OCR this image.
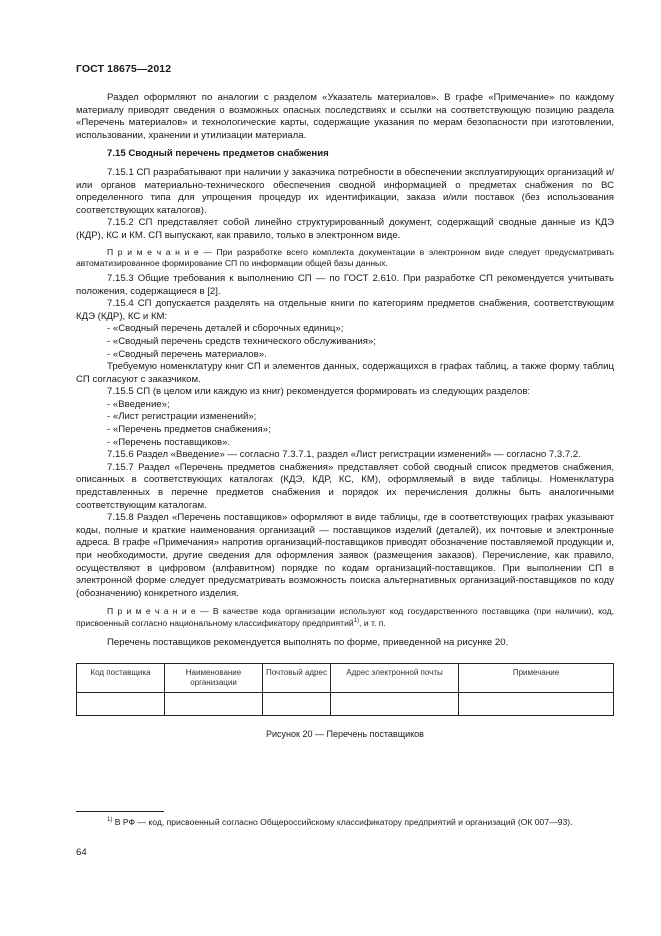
ГОСТ 18675—2012

Раздел оформляют по аналогии с разделом «Указатель материалов». В графе «Примечание» по каждому материалу приводят сведения о возможных опасных последствиях и ссылки на соответствующую позицию раздела «Перечень материалов» и технологические карты, содержащие указания по мерам безопасности при изготовлении, использовании, хранении и утилизации материала.

7.15 Сводный перечень предметов снабжения

7.15.1 СП разрабатывают при наличии у заказчика потребности в обеспечении эксплуатирующих организаций и/или органов материально-технического обеспечения сводной информацией о предметах снабжения по ВС определенного типа для упрощения процедур их идентификации, заказа и/или поставок (без использования соответствующих каталогов).

7.15.2 СП представляет собой линейно структурированный документ, содержащий сводные данные из КДЭ (КДР), КС и КМ. СП выпускают, как правило, только в электронном виде.

П р и м е ч а н и е — При разработке всего комплекта документации в электронном виде следует предусматривать автоматизированное формирование СП по информации общей базы данных.

7.15.3 Общие требования к выполнению СП — по ГОСТ 2.610. При разработке СП рекомендуется учитывать положения, содержащиеся в [2].

7.15.4 СП допускается разделять на отдельные книги по категориям предметов снабжения, соответствующим КДЭ (КДР), КС и КМ:

- «Сводный перечень деталей и сборочных единиц»;

- «Сводный перечень средств технического обслуживания»;

- «Сводный перечень материалов».

Требуемую номенклатуру книг СП и элементов данных, содержащихся в графах таблиц, а также форму таблиц СП согласуют с заказчиком.

7.15.5 СП (в целом или каждую из книг) рекомендуется формировать из следующих разделов:

- «Введение»;

- «Лист регистрации изменений»;

- «Перечень предметов снабжения»;

- «Перечень поставщиков».

7.15.6 Раздел «Введение» — согласно 7.3.7.1, раздел «Лист регистрации изменений» — согласно 7.3.7.2.

7.15.7 Раздел «Перечень предметов снабжения» представляет собой сводный список предметов снабжения, описанных в соответствующих каталогах (КДЭ, КДР, КС, КМ), оформляемый в виде таблицы. Номенклатура представленных в перечне предметов снабжения и порядок их перечисления должны быть аналогичными соответствующим каталогам.

7.15.8 Раздел «Перечень поставщиков» оформляют в виде таблицы, где в соответствующих графах указывают коды, полные и краткие наименования организаций — поставщиков изделий (деталей), их почтовые и электронные адреса. В графе «Примечания» напротив организаций-поставщиков приводят обозначение поставляемой продукции и, при необходимости, другие сведения для оформления заявок (размещения заказов). Перечисление, как правило, осуществляют в цифровом (алфавитном) порядке по кодам организаций-поставщиков. При выполнении СП в электронной форме следует предусматривать возможность поиска альтернативных организаций-поставщиков по коду (обозначению) конкретного изделия.

П р и м е ч а н и е — В качестве кода организации используют код государственного поставщика (при наличии), код, присвоенный согласно национальному классификатору предприятий$^{1)}$, и т. п.

Перечень поставщиков рекомендуется выполнять по форме, приведенной на рисунке 20.

Код поставщика	Наименование организации	Почтовый адрес	Адрес электронной почты	Примечание

Рисунок 20 — Перечень поставщиков
$^{1)}$ В РФ — код, присвоенный согласно Общероссийскому классификатору предприятий и организаций (ОК 007—93).
64
